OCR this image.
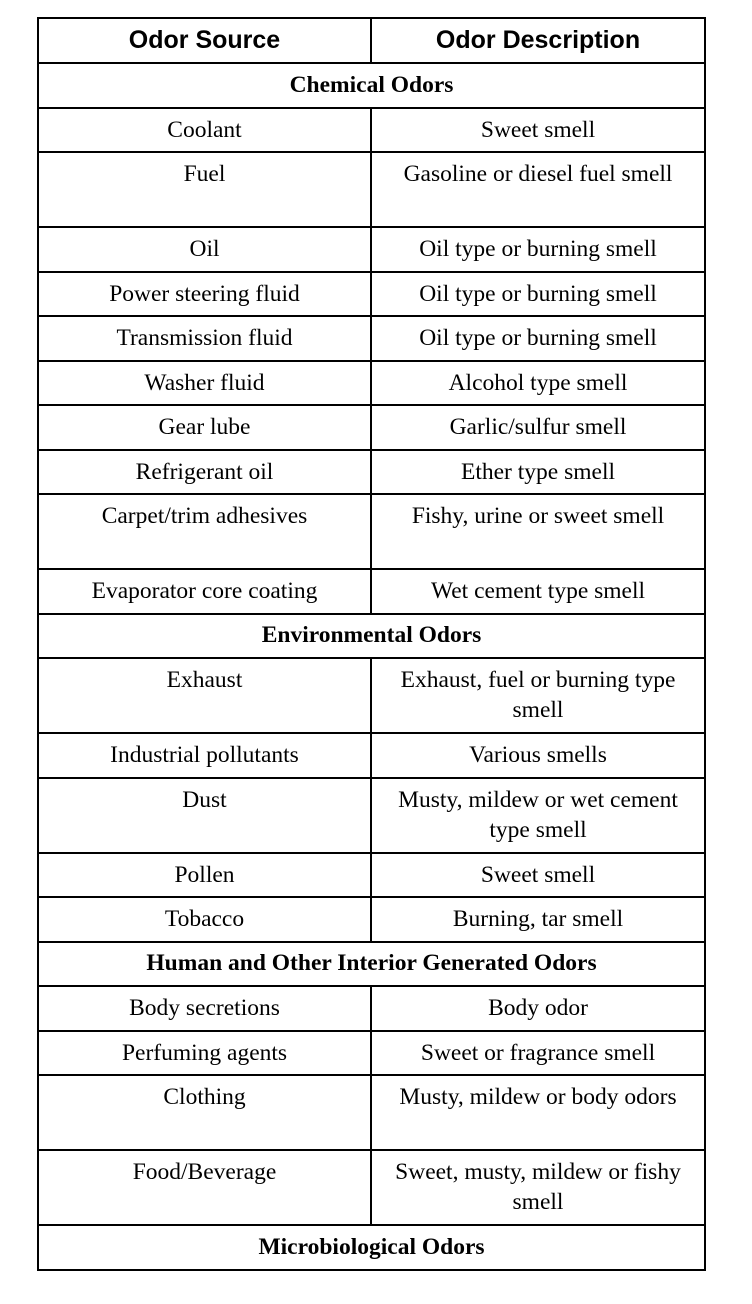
Odor Source	Odor Description
Chemical Odors	
Coolant	Sweet smell
Fuel	Gasoline or diesel fuel smell
Oil	Oil type or burning smell
Power steering fluid	Oil type or burning smell
Transmission fluid	Oil type or burning smell
Washer fluid	Alcohol type smell
Gear lube	Garlic/sulfur smell
Refrigerant oil	Ether type smell
Carpet/trim adhesives	Fishy, urine or sweet smell
Evaporator core coating	Wet cement type smell
Environmental Odors	
Exhaust	Exhaust, fuel or burning type smell
Industrial pollutants	Various smells
Dust	Musty, mildew or wet cement type smell
Pollen	Sweet smell
Tobacco	Burning, tar smell
Human and Other Interior Generated Odors	
Body secretions	Body odor
Perfuming agents	Sweet or fragrance smell
Clothing	Musty, mildew or body odors
Food/Beverage	Sweet, musty, mildew or fishy smell
Microbiological Odors	
